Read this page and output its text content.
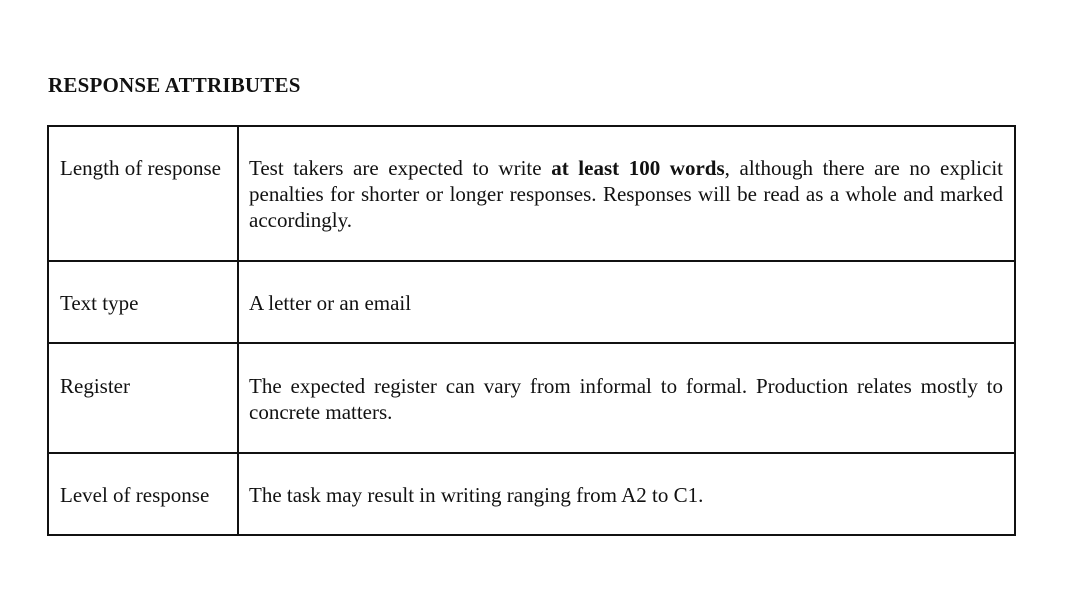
RESPONSE ATTRIBUTES
Length of response	Test takers are expected to write at least 100 words, although there are no explicit penalties for shorter or longer responses. Responses will be read as a whole and marked accordingly.
Text type	A letter or an email
Register	The expected register can vary from informal to formal. Production relates mostly to concrete matters.
Level of response	The task may result in writing ranging from A2 to C1.
